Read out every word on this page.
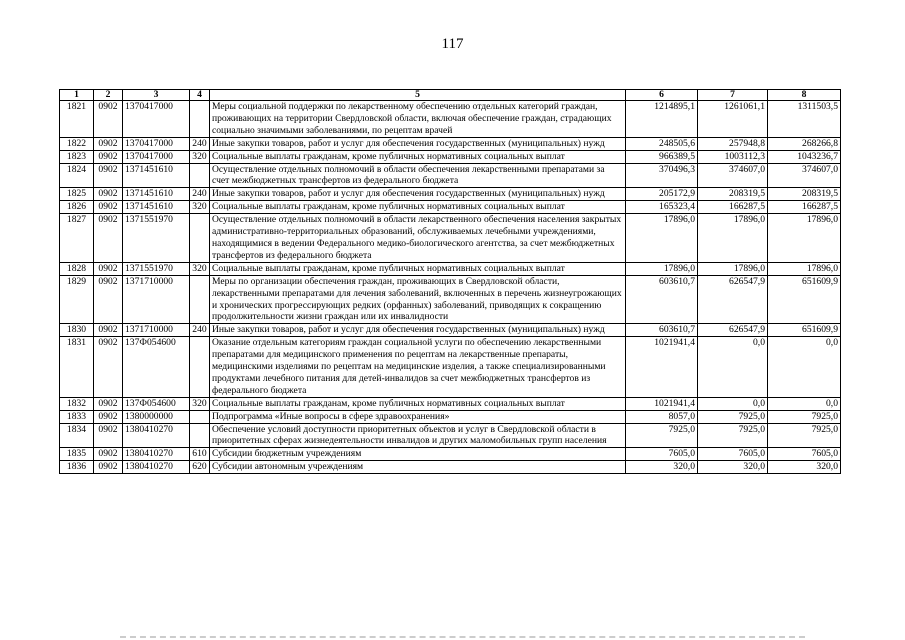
117
1	2	3	4	5	6	7	8
1821	0902	1370417000		Меры социальной поддержки по лекарственному обеспечению отдельных категорий граждан, проживающих на территории Свердловской области, включая обеспечение граждан, страдающих социально значимыми заболеваниями, по рецептам врачей	1214895,1	1261061,1	1311503,5
1822	0902	1370417000	240	Иные закупки товаров, работ и услуг для обеспечения государственных (муниципальных) нужд	248505,6	257948,8	268266,8
1823	0902	1370417000	320	Социальные выплаты гражданам, кроме публичных нормативных социальных выплат	966389,5	1003112,3	1043236,7
1824	0902	1371451610		Осуществление отдельных полномочий в области обеспечения лекарственными препаратами за счет межбюджетных трансфертов из федерального бюджета	370496,3	374607,0	374607,0
1825	0902	1371451610	240	Иные закупки товаров, работ и услуг для обеспечения государственных (муниципальных) нужд	205172,9	208319,5	208319,5
1826	0902	1371451610	320	Социальные выплаты гражданам, кроме публичных нормативных социальных выплат	165323,4	166287,5	166287,5
1827	0902	1371551970		Осуществление отдельных полномочий в области лекарственного обеспечения населения закрытых административно-территориальных образований, обслуживаемых лечебными учреждениями, находящимися в ведении Федерального медико-биологического агентства, за счет межбюджетных трансфертов из федерального бюджета	17896,0	17896,0	17896,0
1828	0902	1371551970	320	Социальные выплаты гражданам, кроме публичных нормативных социальных выплат	17896,0	17896,0	17896,0
1829	0902	1371710000		Меры по организации обеспечения граждан, проживающих в Свердловской области, лекарственными препаратами для лечения заболеваний, включенных в перечень жизнеугрожающих и хронических прогрессирующих редких (орфанных) заболеваний, приводящих к сокращению продолжительности жизни граждан или их инвалидности	603610,7	626547,9	651609,9
1830	0902	1371710000	240	Иные закупки товаров, работ и услуг для обеспечения государственных (муниципальных) нужд	603610,7	626547,9	651609,9
1831	0902	137Ф054600		Оказание отдельным категориям граждан социальной услуги по обеспечению лекарственными препаратами для медицинского применения по рецептам на лекарственные препараты, медицинскими изделиями по рецептам на медицинские изделия, а также специализированными продуктами лечебного питания для детей-инвалидов за счет межбюджетных трансфертов из федерального бюджета	1021941,4	0,0	0,0
1832	0902	137Ф054600	320	Социальные выплаты гражданам, кроме публичных нормативных социальных выплат	1021941,4	0,0	0,0
1833	0902	1380000000		Подпрограмма «Иные вопросы в сфере здравоохранения»	8057,0	7925,0	7925,0
1834	0902	1380410270		Обеспечение условий доступности приоритетных объектов и услуг в Свердловской области в приоритетных сферах жизнедеятельности инвалидов и других маломобильных групп населения	7925,0	7925,0	7925,0
1835	0902	1380410270	610	Субсидии бюджетным учреждениям	7605,0	7605,0	7605,0
1836	0902	1380410270	620	Субсидии автономным учреждениям	320,0	320,0	320,0
